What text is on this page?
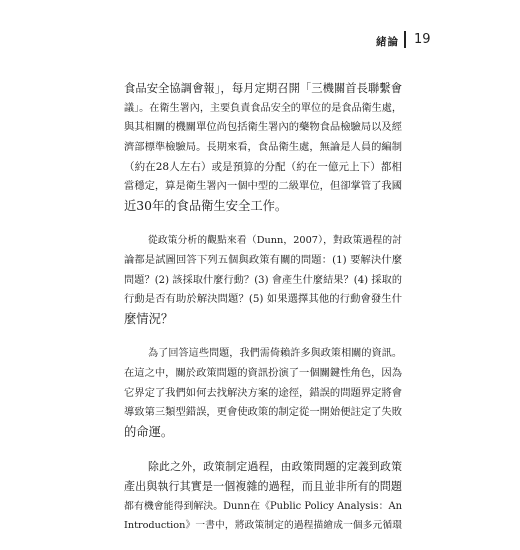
緒論 19
食品安全協調會報」，每月定期召開「三機關首長聯繫會
議」。在衛生署內，主要負責食品安全的單位的是食品衛生處，
與其相關的機關單位尚包括衛生署內的藥物食品檢驗局以及經
濟部標準檢驗局。長期來看，食品衛生處，無論是人員的編制
（約在28人左右）或是預算的分配（約在一億元上下）都相
當穩定，算是衛生署內一個中型的二級單位，但卻掌管了我國
近30年的食品衛生安全工作。
從政策分析的觀點來看（Dunn，2007），對政策過程的討
論都是試圖回答下列五個與政策有關的問題：(1) 要解決什麼
問題？(2) 該採取什麼行動？(3) 會產生什麼結果？(4) 採取的
行動是否有助於解決問題？(5) 如果選擇其他的行動會發生什
麼情況？
為了回答這些問題，我們需倚賴許多與政策相關的資訊。
在這之中，關於政策問題的資訊扮演了一個關鍵性角色，因為
它界定了我們如何去找解決方案的途徑，錯誤的問題界定將會
導致第三類型錯誤，更會使政策的制定從一開始便註定了失敗
的命運。
除此之外，政策制定過程，由政策問題的定義到政策
產出與執行其實是一個複雜的過程，而且並非所有的問題
都有機會能得到解決。Dunn在《Public Policy Analysis：An
Introduction》一書中，將政策制定的過程描繪成一個多元循環
